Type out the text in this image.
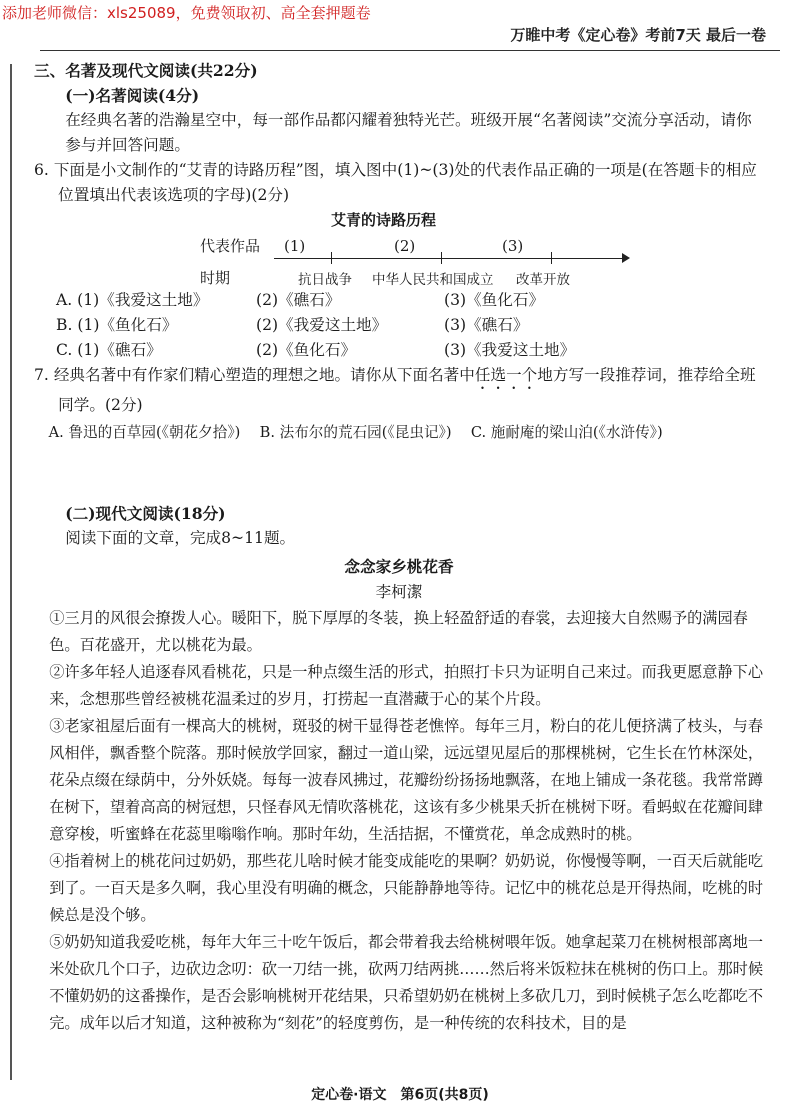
添加老师微信：xls25089，免费领取初、高全套押题卷
万睢中考《定心卷》考前7天 最后一卷

三、名著及现代文阅读(共22分)

(一)名著阅读(4分)

在经典名著的浩瀚星空中，每一部作品都闪耀着独特光芒。班级开展“名著阅读”交流分享活动，请你参与并回答问题。

6. 下面是小文制作的“艾青的诗路历程”图，填入图中(1)~(3)处的代表作品正确的一项是(在答题卡的相应位置填出代表该选项的字母)(2分)

艾青的诗路历程
代表作品 (1)	(2)	(3)
时期	抗日战争 中华人民共和国成立 改革开放
A. (1)《我爱这土地》	(2)《礁石》	(3)《鱼化石》
B. (1)《鱼化石》	(2)《我爱这土地》	(3)《礁石》
C. (1)《礁石》	(2)《鱼化石》	(3)《我爱这土地》

7. 经典名著中有作家们精心塑造的理想之地。请你从下面名著中任选一个地方写一段推荐词，推荐给全班同学。(2分)

A. 鲁迅的百草园(《朝花夕拾》) B. 法布尔的荒石园(《昆虫记》) C. 施耐庵的梁山泊(《水浒传》)

(二)现代文阅读(18分)

阅读下面的文章，完成8~11题。

念念家乡桃花香

李柯潔

①三月的风很会撩拨人心。暖阳下，脱下厚厚的冬装，换上轻盈舒适的春裳，去迎接大自然赐予的满园春色。百花盛开，尤以桃花为最。

②许多年轻人追逐春风看桃花，只是一种点缀生活的形式，拍照打卡只为证明自己来过。而我更愿意静下心来，念想那些曾经被桃花温柔过的岁月，打捞起一直潜藏于心的某个片段。

③老家祖屋后面有一棵高大的桃树，斑驳的树干显得苍老憔悴。每年三月，粉白的花儿便挤满了枝头，与春风相伴，飘香整个院落。那时候放学回家，翻过一道山梁，远远望见屋后的那棵桃树，它生长在竹林深处，花朵点缀在绿荫中，分外妖娆。每每一波春风拂过，花瓣纷纷扬扬地飘落，在地上铺成一条花毯。我常常蹲在树下，望着高高的树冠想，只怪春风无情吹落桃花，这该有多少桃果夭折在桃树下呀。看蚂蚁在花瓣间肆意穿梭，听蜜蜂在花蕊里嗡嗡作响。那时年幼，生活拮据，不懂赏花，单念成熟时的桃。

④指着树上的桃花问过奶奶，那些花儿啥时候才能变成能吃的果啊？奶奶说，你慢慢等啊，一百天后就能吃到了。一百天是多久啊，我心里没有明确的概念，只能静静地等待。记忆中的桃花总是开得热闹，吃桃的时候总是没个够。

⑤奶奶知道我爱吃桃，每年大年三十吃午饭后，都会带着我去给桃树喂年饭。她拿起菜刀在桃树根部离地一米处砍几个口子，边砍边念叨：砍一刀结一挑，砍两刀结两挑……然后将米饭粒抹在桃树的伤口上。那时候不懂奶奶的这番操作，是否会影响桃树开花结果，只希望奶奶在桃树上多砍几刀，到时候桃子怎么吃都吃不完。成年以后才知道，这种被称为“刻花”的轻度剪伤，是一种传统的农科技术，目的是

定心卷·语文　第6页(共8页)
